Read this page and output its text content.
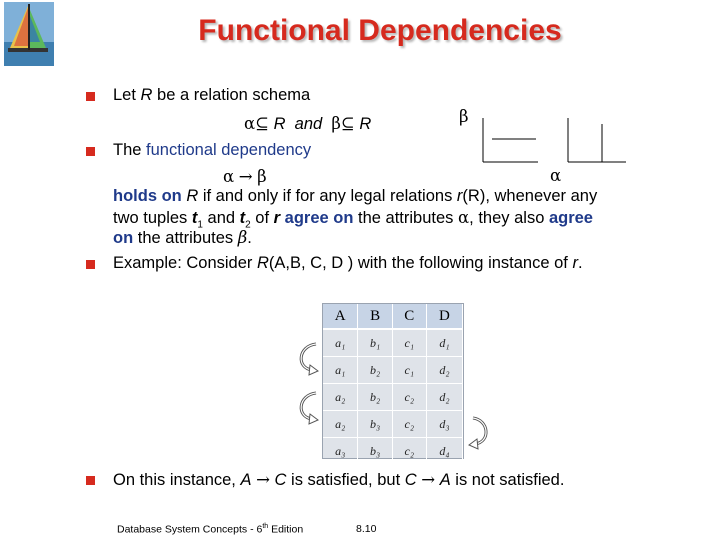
Functional Dependencies
Let R be a relation schema
α⊆ R and β⊆ R
The functional dependency
α → β
holds on R if and only if for any legal relations r(R), whenever any
two tuples $t_1$ and $t_2$ of r agree on the attributes α, they also agree
on the attributes β.
Example: Consider R(A,B, C, D ) with the following instance of r.
β
α
A	B	C	D
a₁	b₁	c₁	d₁
a₁	b₂	c₁	d₂
a₂	b₂	c₂	d₂
a₂	b₃	c₂	d₃
a₃	b₃	c₂	d₄
On this instance, A → C is satisfied, but C → A is not satisfied.
Database System Concepts - 6th Edition	8.10
